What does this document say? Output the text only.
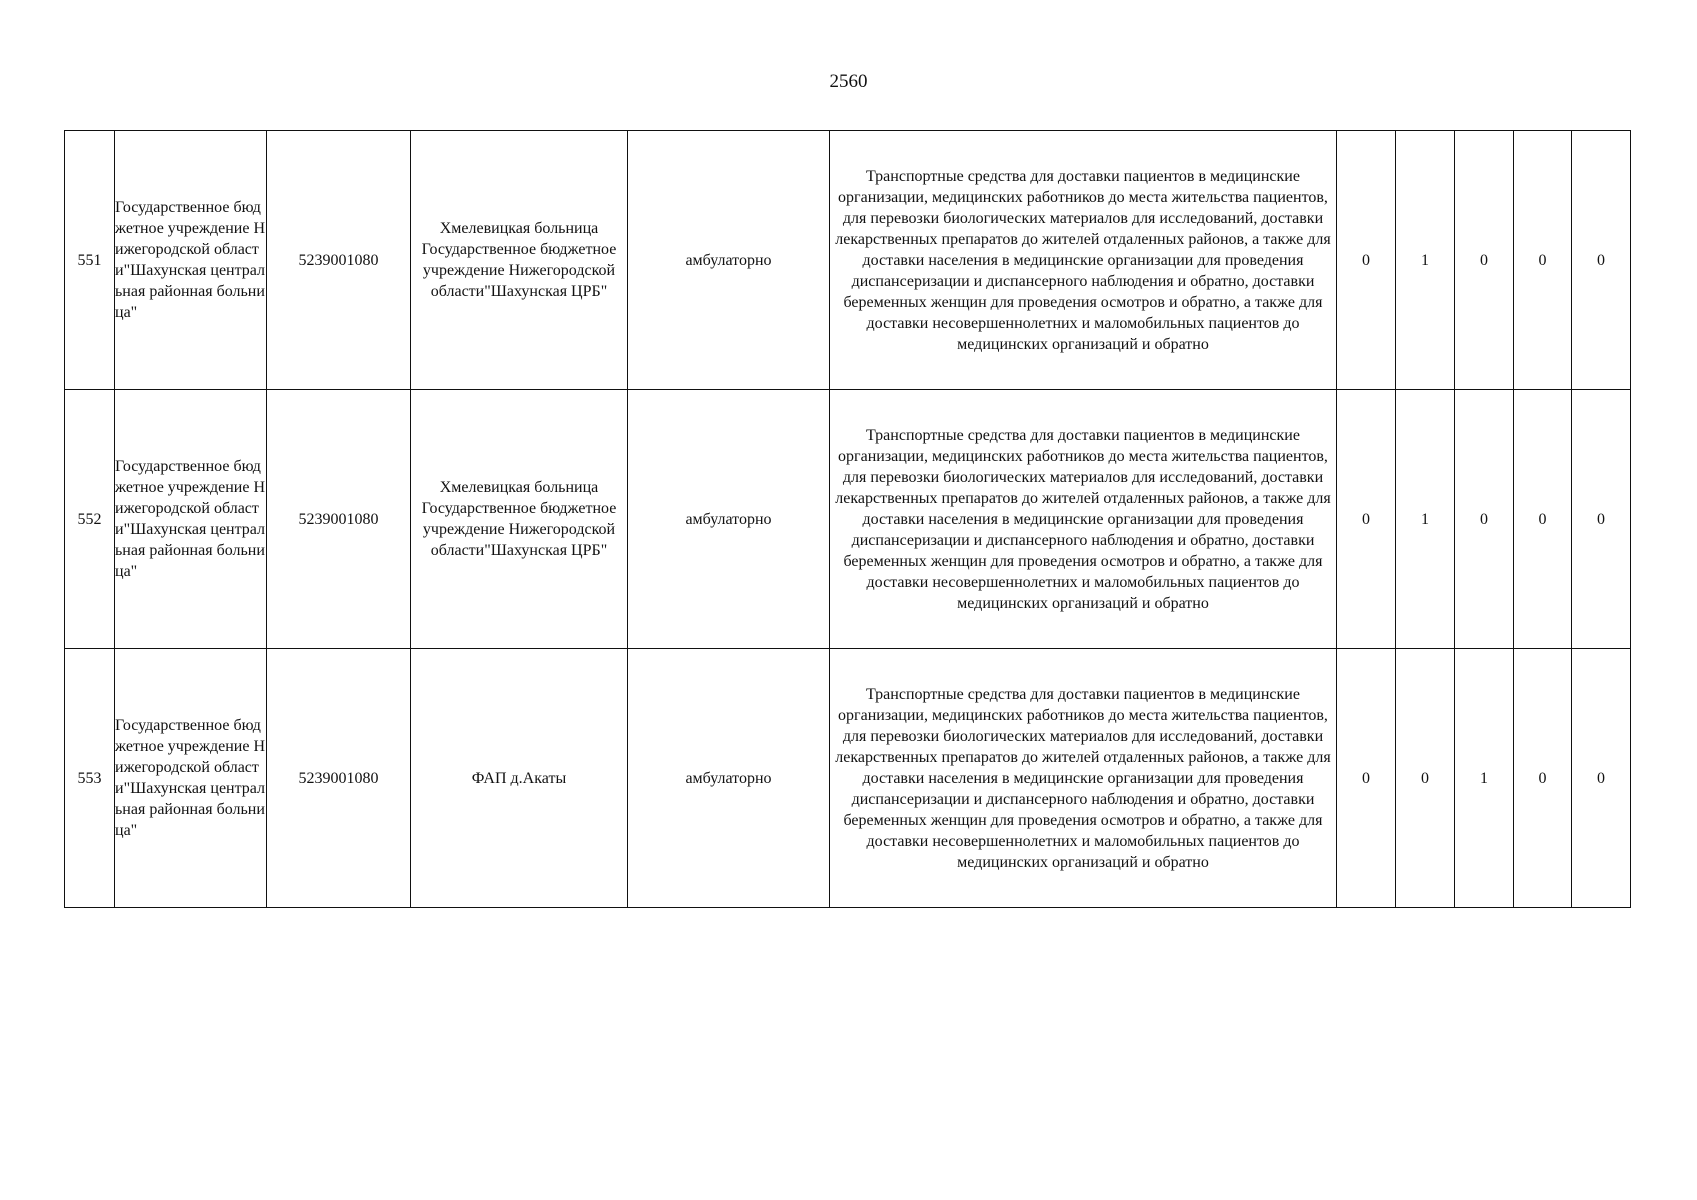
2560
551	Государственное бюджетное учреждение Нижегородской области"Шахунская центральная районная больница"	5239001080	Хмелевицкая больница Государственное бюджетное учреждение Нижегородской области"Шахунская ЦРБ"	амбулаторно	Транспортные средства для доставки пациентов в медицинские организации, медицинских работников до места жительства пациентов, для перевозки биологических материалов для исследований, доставки лекарственных препаратов до жителей отдаленных районов, а также для доставки населения в медицинские организации для проведения диспансеризации и диспансерного наблюдения и обратно, доставки беременных женщин для проведения осмотров и обратно, а также для доставки несовершеннолетних и маломобильных пациентов до медицинских организаций и обратно	0	1	0	0	0
552	Государственное бюджетное учреждение Нижегородской области"Шахунская центральная районная больница"	5239001080	Хмелевицкая больница Государственное бюджетное учреждение Нижегородской области"Шахунская ЦРБ"	амбулаторно	Транспортные средства для доставки пациентов в медицинские организации, медицинских работников до места жительства пациентов, для перевозки биологических материалов для исследований, доставки лекарственных препаратов до жителей отдаленных районов, а также для доставки населения в медицинские организации для проведения диспансеризации и диспансерного наблюдения и обратно, доставки беременных женщин для проведения осмотров и обратно, а также для доставки несовершеннолетних и маломобильных пациентов до медицинских организаций и обратно	0	1	0	0	0
553	Государственное бюджетное учреждение Нижегородской области"Шахунская центральная районная больница"	5239001080	ФАП д.Акаты	амбулаторно	Транспортные средства для доставки пациентов в медицинские организации, медицинских работников до места жительства пациентов, для перевозки биологических материалов для исследований, доставки лекарственных препаратов до жителей отдаленных районов, а также для доставки населения в медицинские организации для проведения диспансеризации и диспансерного наблюдения и обратно, доставки беременных женщин для проведения осмотров и обратно, а также для доставки несовершеннолетних и маломобильных пациентов до медицинских организаций и обратно	0	0	1	0	0
